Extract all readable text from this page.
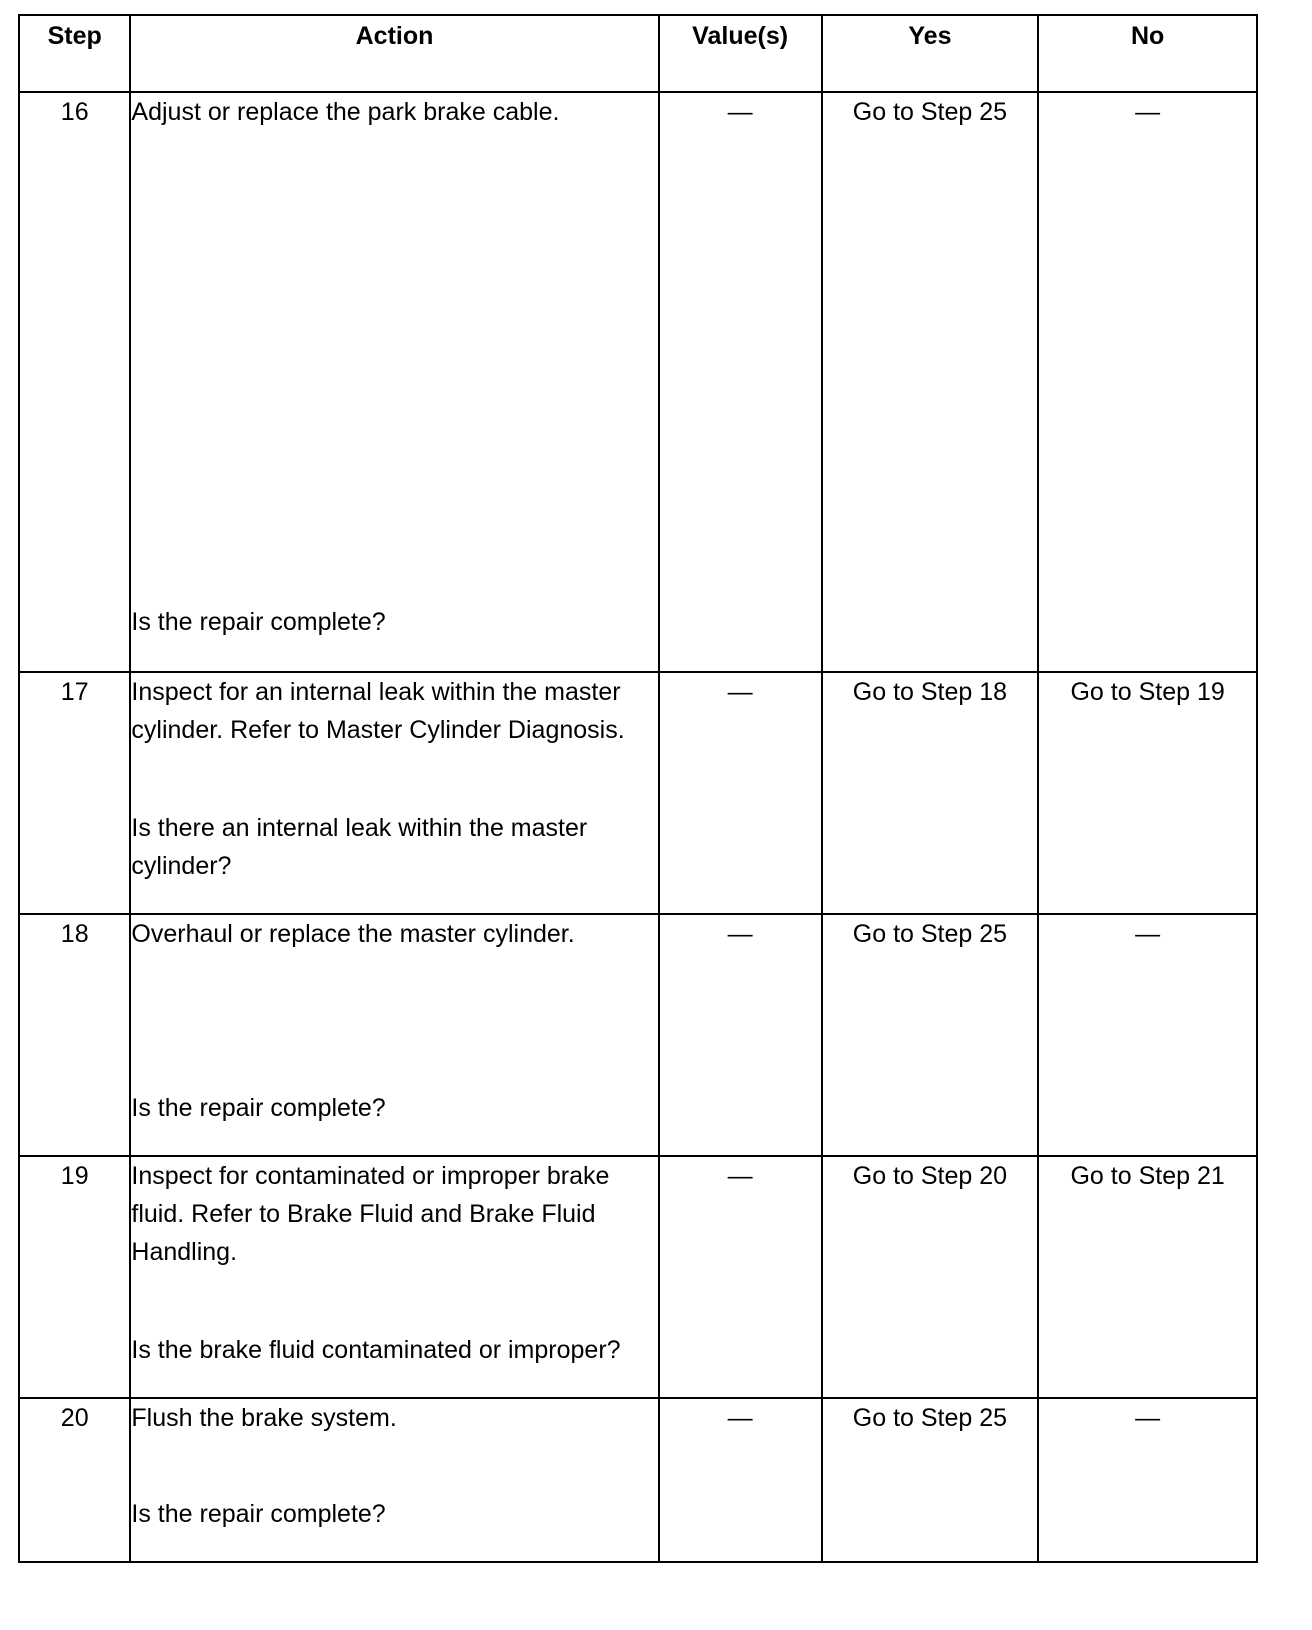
Step	Action	Value(s)	Yes	No
16	Adjust or replace the park brake cable.

Is the repair complete?	—	Go to Step 25	—
17	Inspect for an internal leak within the master cylinder. Refer to Master Cylinder Diagnosis.

Is there an internal leak within the master cylinder?	—	Go to Step 18	Go to Step 19
18	Overhaul or replace the master cylinder.

Is the repair complete?	—	Go to Step 25	—
19	Inspect for contaminated or improper brake fluid. Refer to Brake Fluid and Brake Fluid Handling.

Is the brake fluid contaminated or improper?	—	Go to Step 20	Go to Step 21
20	Flush the brake system.

Is the repair complete?	—	Go to Step 25	—
